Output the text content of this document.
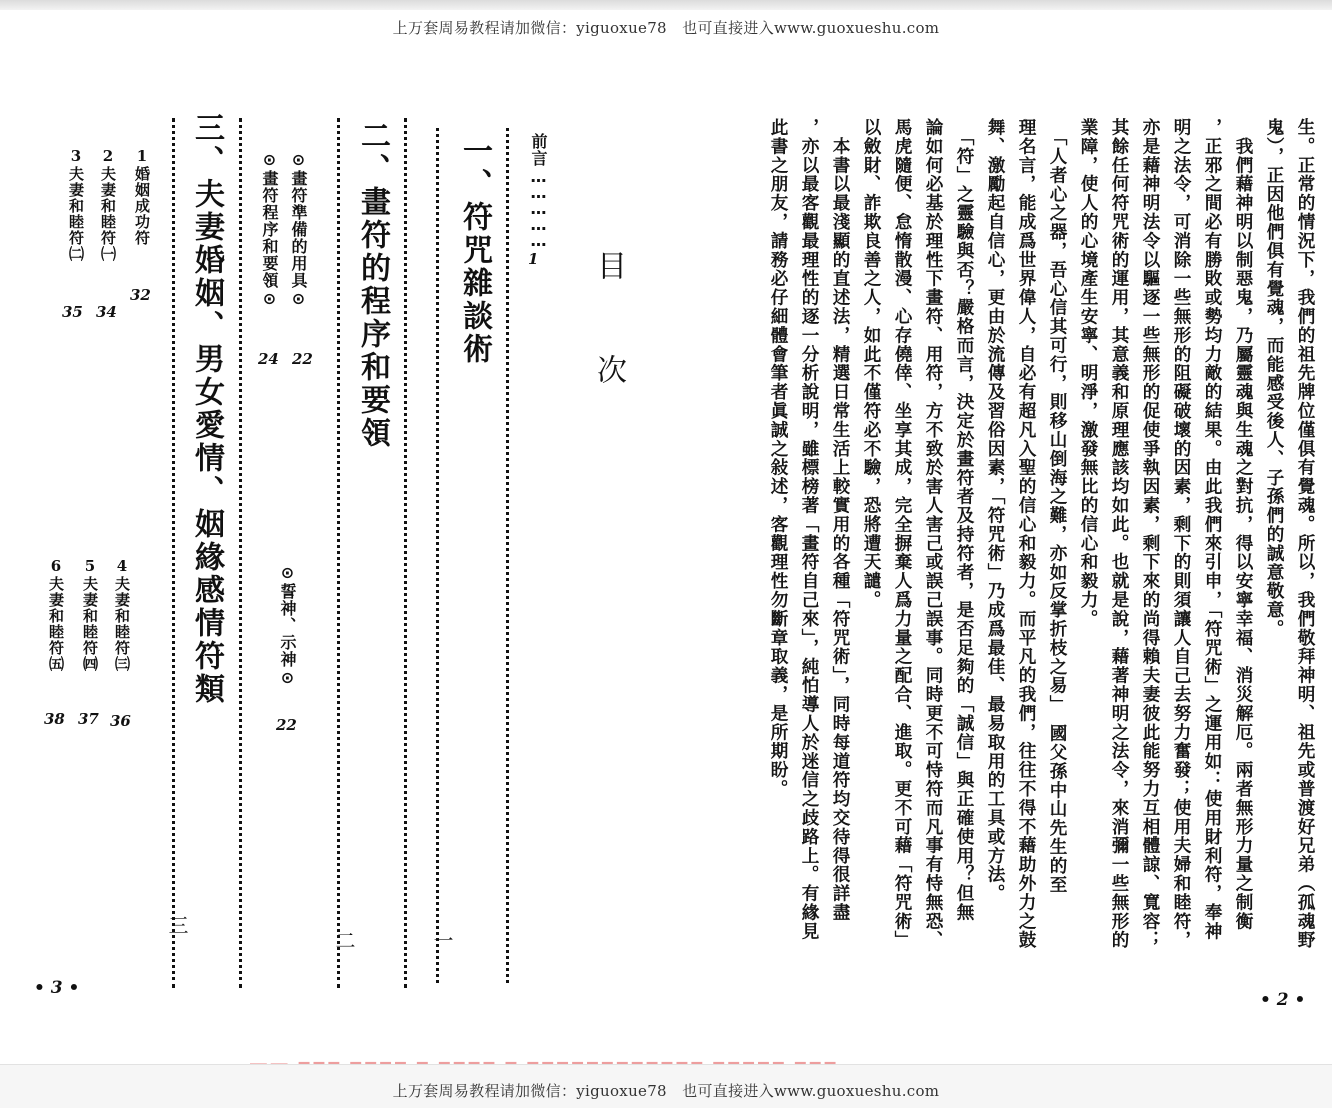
上万套周易教程请加微信：yiguoxue78　也可直接进入www.guoxueshu.com
生。正常的情況下，我們的祖先牌位僅俱有覺魂。所以，我們敬拜神明、祖先或普渡好兄弟（孤魂野
鬼），正因他們俱有覺魂，而能感受後人、子孫們的誠意敬意。
　我們藉神明以制惡鬼，乃屬靈魂與生魂之對抗，得以安寧幸福、消災解厄。兩者無形力量之制衡
，正邪之間必有勝敗或勢均力敵的結果。由此我們來引申，「符咒術」之運用如：使用財利符，奉神
明之法令，可消除一些無形的阻礙破壞的因素，剩下的則須讓人自己去努力奮發；使用夫婦和睦符，
亦是藉神明法令以驅逐一些無形的促使爭執因素，剩下來的尚得賴夫妻彼此能努力互相體諒、寬容；
其餘任何符咒術的運用，其意義和原理應該均如此。也就是說，藉著神明之法令，來消彌一些無形的
業障，使人的心境產生安寧、明淨，激發無比的信心和毅力。
　「人者心之器，吾心信其可行，則移山倒海之難，亦如反掌折枝之易」　國父孫中山先生的至
理名言，能成爲世界偉人，自必有超凡入聖的信心和毅力。而平凡的我們，往往不得不藉助外力之鼓
舞、激勵起自信心，更由於流傳及習俗因素，「符咒術」乃成爲最佳、最易取用的工具或方法。
　「符」之靈驗與否？嚴格而言，決定於畫符者及持符者，是否足夠的「誠信」與正確使用？但無
論如何必基於理性下畫符、用符，方不致於害人害己或誤己誤事。同時更不可恃符而凡事有恃無恐、
馬虎隨便、怠惰散漫、心存僥倖、坐享其成，完全摒棄人爲力量之配合、進取。更不可藉「符咒術」
以斂財、詐欺良善之人，如此不僅符必不驗，恐將遭天譴。
　本書以最淺顯的直述法，精選日常生活上較實用的各種「符咒術」，同時每道符均交待得很詳盡
，亦以最客觀最理性的逐一分析說明，雖標榜著「畫符自己來」，純怕導人於迷信之歧路上。有緣見
此書之朋友，請務必仔細體會筆者眞誠之敍述，客觀理性勿斷章取義，是所期盼。
• 2 •
目　次
前言……………
1
一、符咒雜談術
一
二、畫符的程序和要領
⊙畫符準備的用具⊙
22
⊙畫符程序和要領⊙
24
⊙誓神、示神⊙
22
二
三、夫妻婚姻、男女愛情、姻緣感情符類
三
1婚姻成功符
32
2夫妻和睦符㈠
34
3夫妻和睦符㈡
35
4夫妻和睦符㈢
36
5夫妻和睦符㈣
37
6夫妻和睦符㈤
38
• 3 •
上万套周易教程请加微信：yiguoxue78　也可直接进入www.guoxueshu.com
